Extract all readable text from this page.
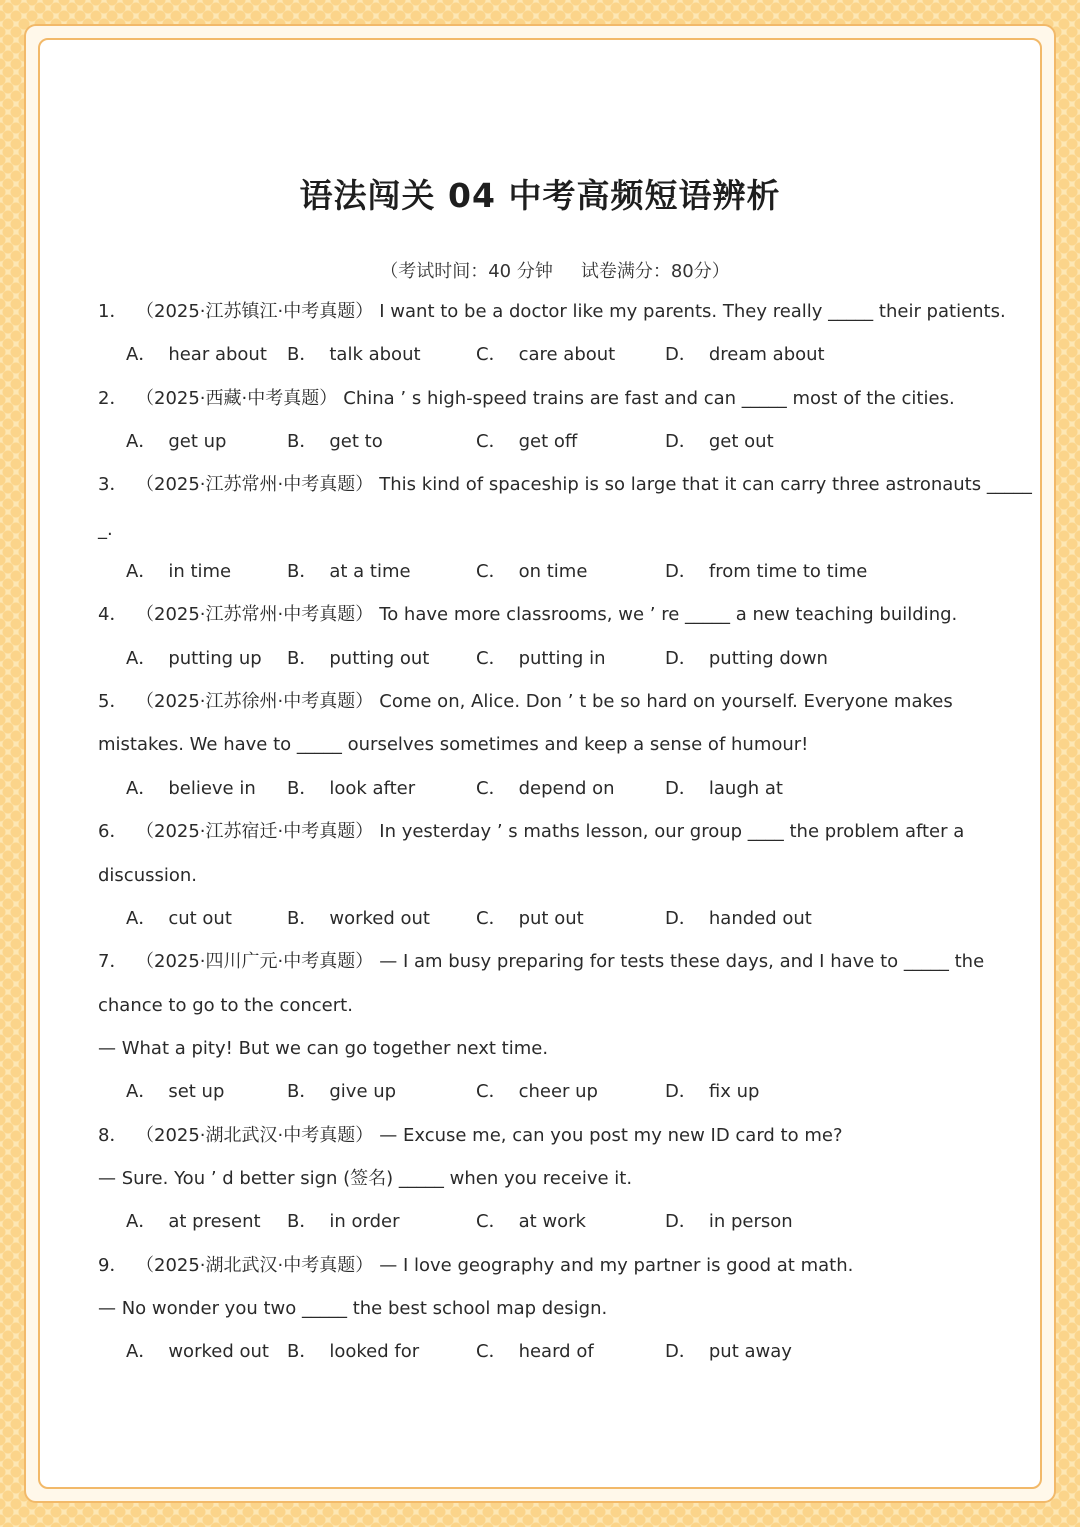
语法闯关 04 中考高频短语辨析
（考试时间：40 分钟 试卷满分：80分）
1． （2025·江苏镇江·中考真题） I want to be a doctor like my parents. They really _____ their patients.
A． hear about B． talk about	C． care about	D． dream about
2． （2025·西藏·中考真题） China ’ s high-speed trains are fast and can _____ most of the cities.
A． get up	B． get to	C． get off	D． get out
3． （2025·江苏常州·中考真题） This kind of spaceship is so large that it can carry three astronauts _____
_.
A． in time	B． at a time	C． on time	D． from time to time
4． （2025·江苏常州·中考真题） To have more classrooms, we ’ re _____ a new teaching building.
A． putting up B． putting out	C． putting in	D． putting down
5． （2025·江苏徐州·中考真题） Come on, Alice. Don ’ t be so hard on yourself. Everyone makes
mistakes. We have to _____ ourselves sometimes and keep a sense of humour!
A． believe in B． look after	C． depend on	D． laugh at
6． （2025·江苏宿迁·中考真题） In yesterday ’ s maths lesson, our group ____ the problem after a
discussion.
A． cut out	B． worked out	C． put out	D． handed out
7． （2025·四川广元·中考真题） — I am busy preparing for tests these days, and I have to _____ the
chance to go to the concert.
— What a pity! But we can go together next time.
A． set up	B． give up	C． cheer up	D． fix up
8． （2025·湖北武汉·中考真题） — Excuse me, can you post my new ID card to me?
— Sure. You ’ d better sign (签名) _____ when you receive it.
A． at present B． in order	C． at work	D． in person
9． （2025·湖北武汉·中考真题） — I love geography and my partner is good at math.
— No wonder you two _____ the best school map design.
A． worked out B． looked for	C． heard of	D． put away
